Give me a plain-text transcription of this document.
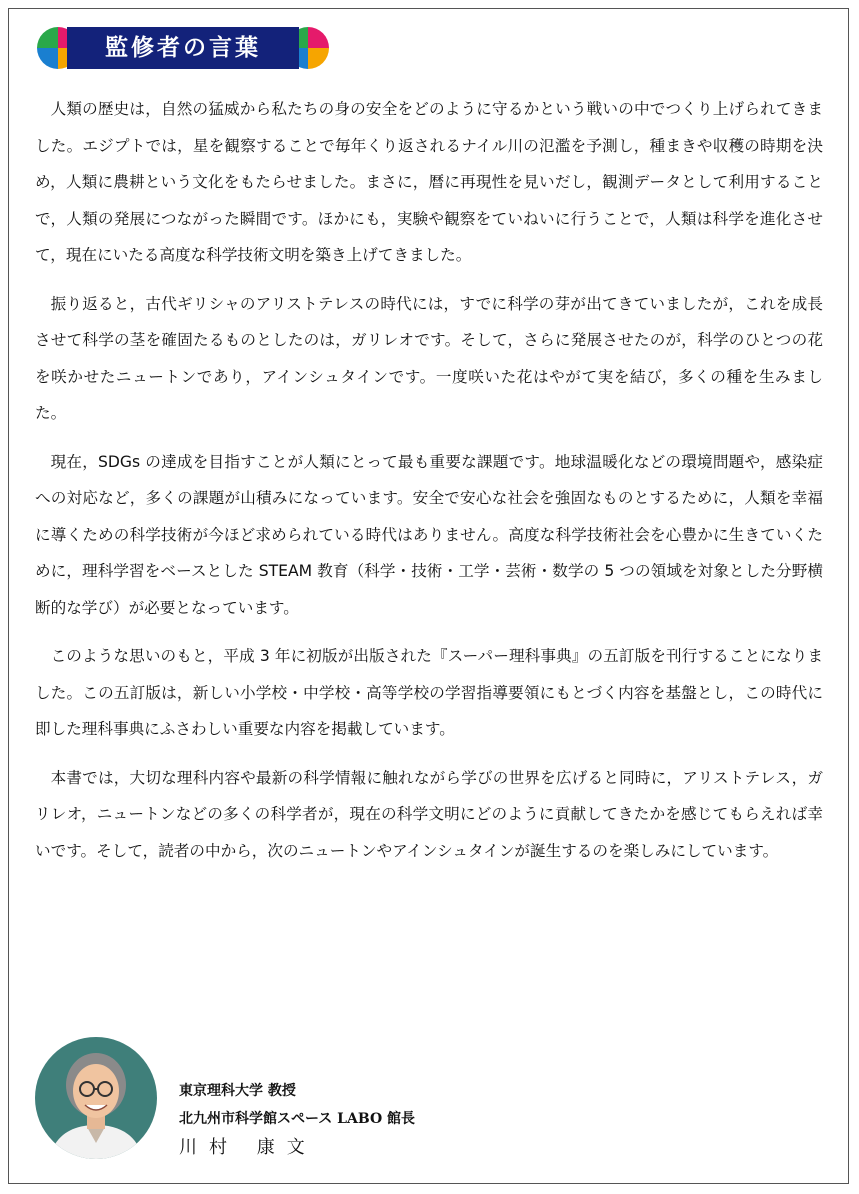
監修者の言葉

人類の歴史は，自然の猛威から私たちの身の安全をどのように守るかという戦いの中でつくり上げられてきました。エジプトでは，星を観察することで毎年くり返されるナイル川の氾濫を予測し，種まきや収穫の時期を決め，人類に農耕という文化をもたらせました。まさに，暦に再現性を見いだし，観測データとして利用することで，人類の発展につながった瞬間です。ほかにも，実験や観察をていねいに行うことで，人類は科学を進化させて，現在にいたる高度な科学技術文明を築き上げてきました。

振り返ると，古代ギリシャのアリストテレスの時代には，すでに科学の芽が出てきていましたが，これを成長させて科学の茎を確固たるものとしたのは，ガリレオです。そして，さらに発展させたのが，科学のひとつの花を咲かせたニュートンであり，アインシュタインです。一度咲いた花はやがて実を結び，多くの種を生みました。

現在，SDGs の達成を目指すことが人類にとって最も重要な課題です。地球温暖化などの環境問題や，感染症への対応など，多くの課題が山積みになっています。安全で安心な社会を強固なものとするために，人類を幸福に導くための科学技術が今ほど求められている時代はありません。高度な科学技術社会を心豊かに生きていくために，理科学習をベースとした STEAM 教育（科学・技術・工学・芸術・数学の 5 つの領域を対象とした分野横断的な学び）が必要となっています。

このような思いのもと，平成 3 年に初版が出版された『スーパー理科事典』の五訂版を刊行することになりました。この五訂版は，新しい小学校・中学校・高等学校の学習指導要領にもとづく内容を基盤とし，この時代に即した理科事典にふさわしい重要な内容を掲載しています。

本書では，大切な理科内容や最新の科学情報に触れながら学びの世界を広げると同時に，アリストテレス，ガリレオ，ニュートンなどの多くの科学者が，現在の科学文明にどのように貢献してきたかを感じてもらえれば幸いです。そして，読者の中から，次のニュートンやアインシュタインが誕生するのを楽しみにしています。

東京理科大学 教授
北九州市科学館スペース LABO 館長
川村 康文
